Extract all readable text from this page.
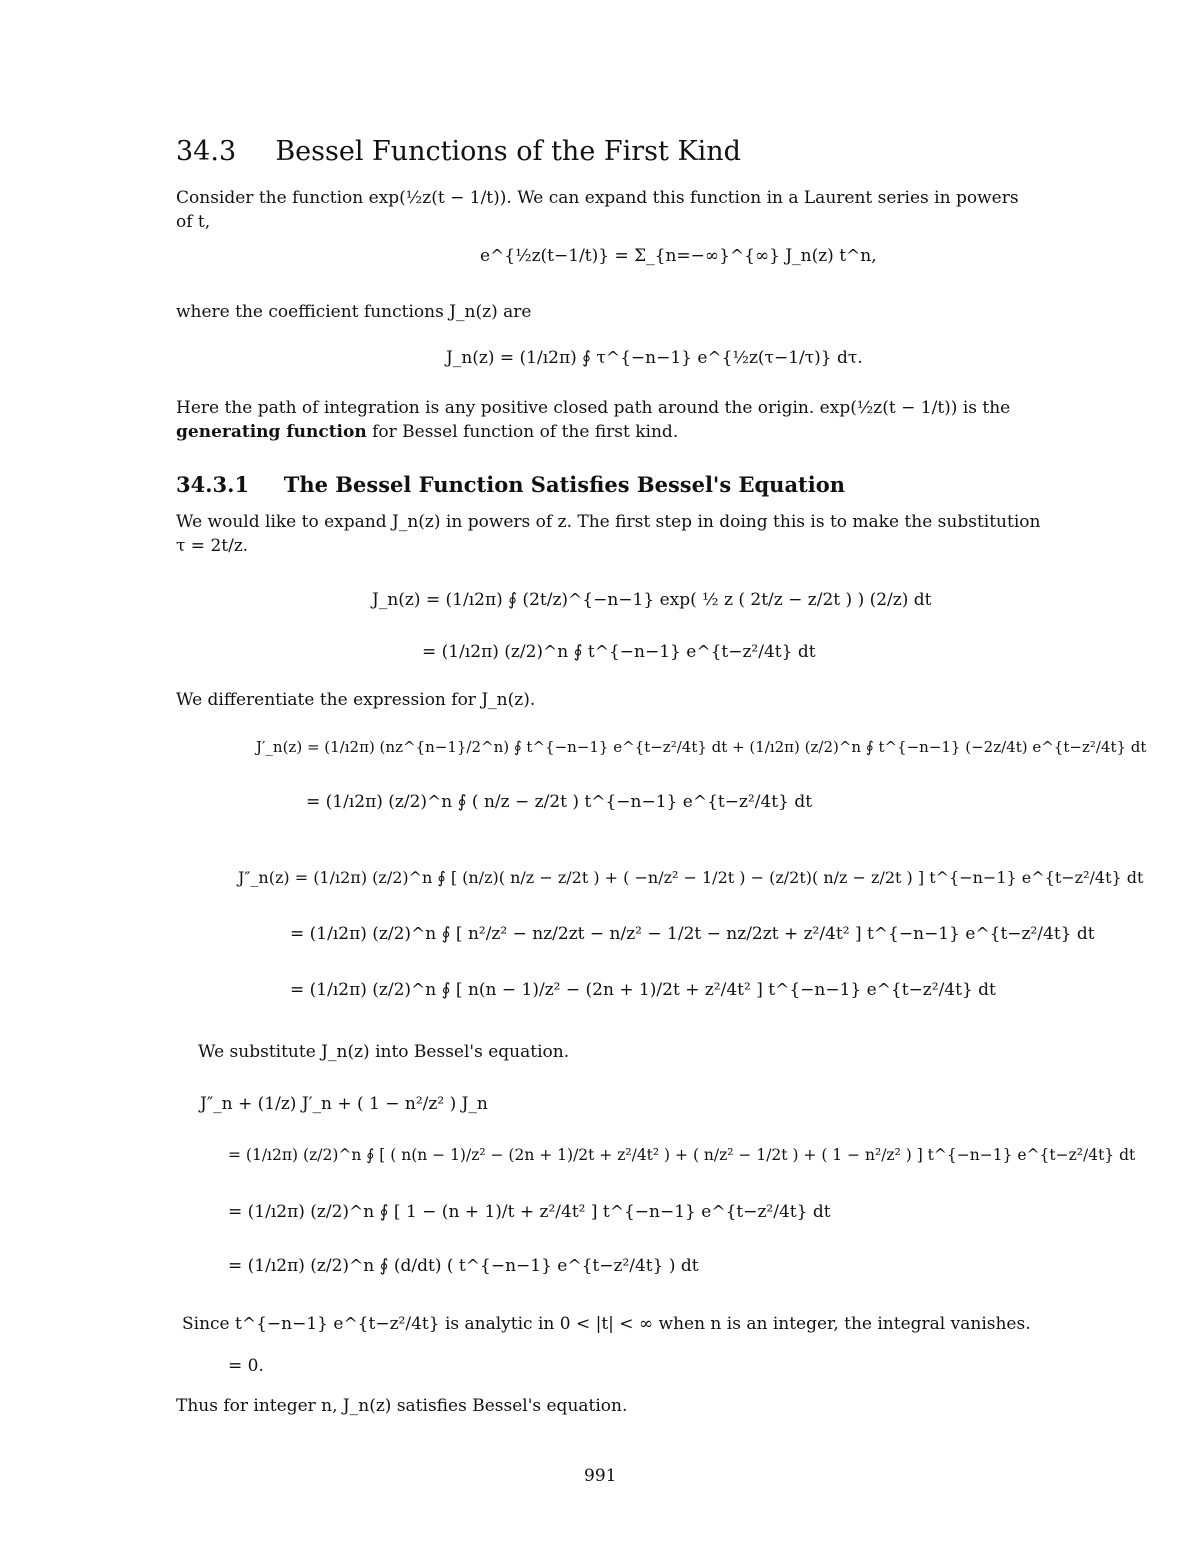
34.3 Bessel Functions of the First Kind
Consider the function exp(½z(t − 1/t)). We can expand this function in a Laurent series in powers
of t,
e^{½z(t−1/t)} = Σ_{n=−∞}^{∞} J_n(z) t^n,
where the coefficient functions J_n(z) are
J_n(z) = (1/ı2π) ∮ τ^{−n−1} e^{½z(τ−1/τ)} dτ.
Here the path of integration is any positive closed path around the origin. exp(½z(t − 1/t)) is the
generating function for Bessel function of the first kind.
34.3.1 The Bessel Function Satisfies Bessel's Equation
We would like to expand J_n(z) in powers of z. The first step in doing this is to make the substitution
τ = 2t/z.
J_n(z) = (1/ı2π) ∮ (2t/z)^{−n−1} exp( ½ z ( 2t/z − z/2t ) ) (2/z) dt
= (1/ı2π) (z/2)^n ∮ t^{−n−1} e^{t−z²/4t} dt
We differentiate the expression for J_n(z).
J′_n(z) = (1/ı2π) (nz^{n−1}/2^n) ∮ t^{−n−1} e^{t−z²/4t} dt + (1/ı2π) (z/2)^n ∮ t^{−n−1} (−2z/4t) e^{t−z²/4t} dt
= (1/ı2π) (z/2)^n ∮ ( n/z − z/2t ) t^{−n−1} e^{t−z²/4t} dt
J″_n(z) = (1/ı2π) (z/2)^n ∮ [ (n/z)( n/z − z/2t ) + ( −n/z² − 1/2t ) − (z/2t)( n/z − z/2t ) ] t^{−n−1} e^{t−z²/4t} dt
= (1/ı2π) (z/2)^n ∮ [ n²/z² − nz/2zt − n/z² − 1/2t − nz/2zt + z²/4t² ] t^{−n−1} e^{t−z²/4t} dt
= (1/ı2π) (z/2)^n ∮ [ n(n − 1)/z² − (2n + 1)/2t + z²/4t² ] t^{−n−1} e^{t−z²/4t} dt
We substitute J_n(z) into Bessel's equation.
J″_n + (1/z) J′_n + ( 1 − n²/z² ) J_n
= (1/ı2π) (z/2)^n ∮ [ ( n(n − 1)/z² − (2n + 1)/2t + z²/4t² ) + ( n/z² − 1/2t ) + ( 1 − n²/z² ) ] t^{−n−1} e^{t−z²/4t} dt
= (1/ı2π) (z/2)^n ∮ [ 1 − (n + 1)/t + z²/4t² ] t^{−n−1} e^{t−z²/4t} dt
= (1/ı2π) (z/2)^n ∮ (d/dt) ( t^{−n−1} e^{t−z²/4t} ) dt
Since t^{−n−1} e^{t−z²/4t} is analytic in 0 < |t| < ∞ when n is an integer, the integral vanishes.
= 0.
Thus for integer n, J_n(z) satisfies Bessel's equation.
991
